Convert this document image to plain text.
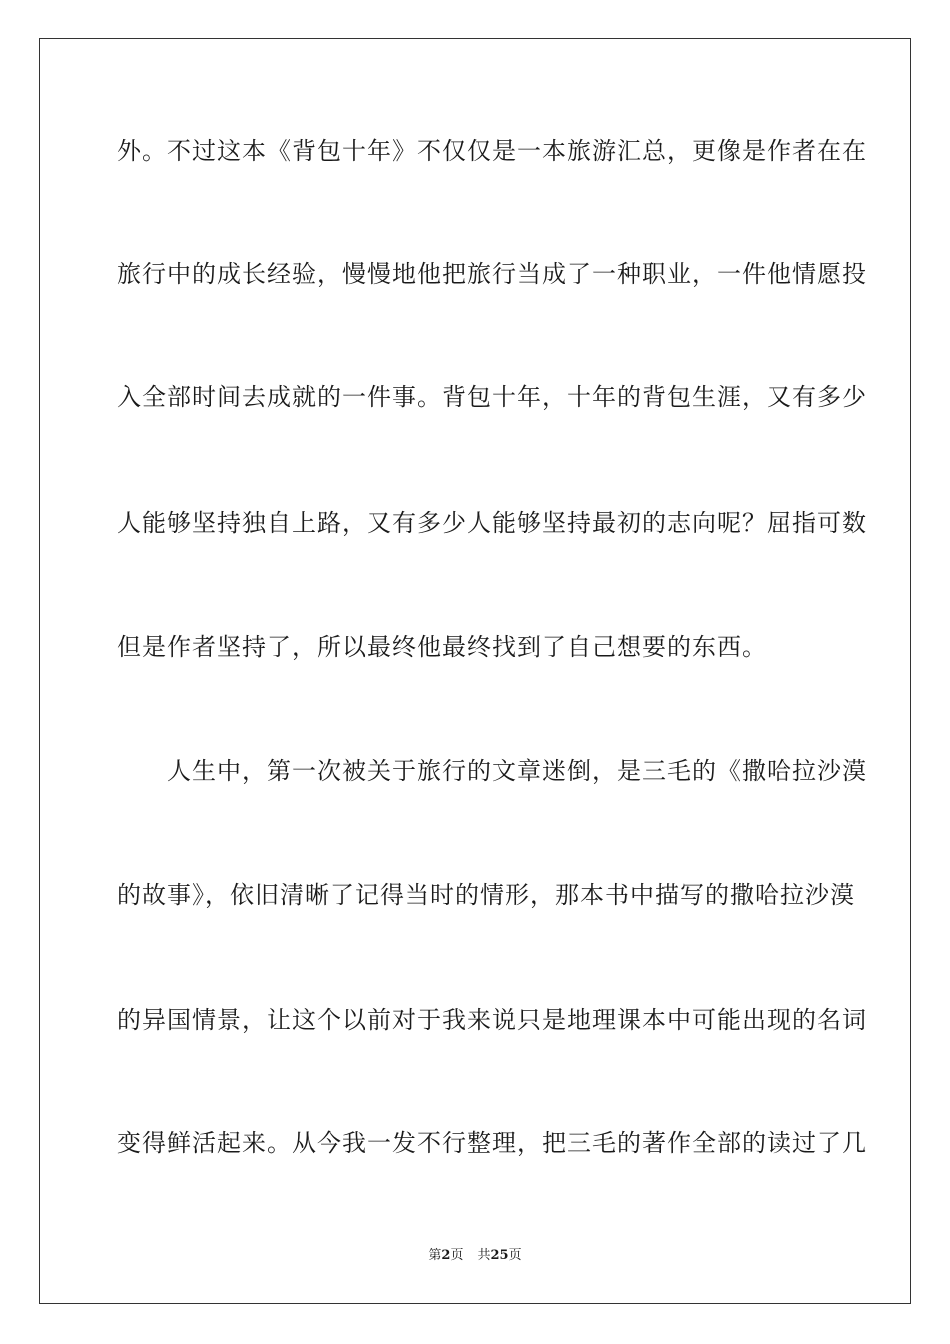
外。不过这本《背包十年》不仅仅是一本旅游汇总，更像是作者在在
旅行中的成长经验，慢慢地他把旅行当成了一种职业，一件他情愿投
入全部时间去成就的一件事。背包十年，十年的背包生涯，又有多少
人能够坚持独自上路，又有多少人能够坚持最初的志向呢？屈指可数
但是作者坚持了，所以最终他最终找到了自己想要的东西。
　　人生中，第一次被关于旅行的文章迷倒，是三毛的《撒哈拉沙漠
的故事》，依旧清晰了记得当时的情形，那本书中描写的撒哈拉沙漠
的异国情景，让这个以前对于我来说只是地理课本中可能出现的名词
变得鲜活起来。从今我一发不行整理，把三毛的著作全部的读过了几
第2页 共25页
